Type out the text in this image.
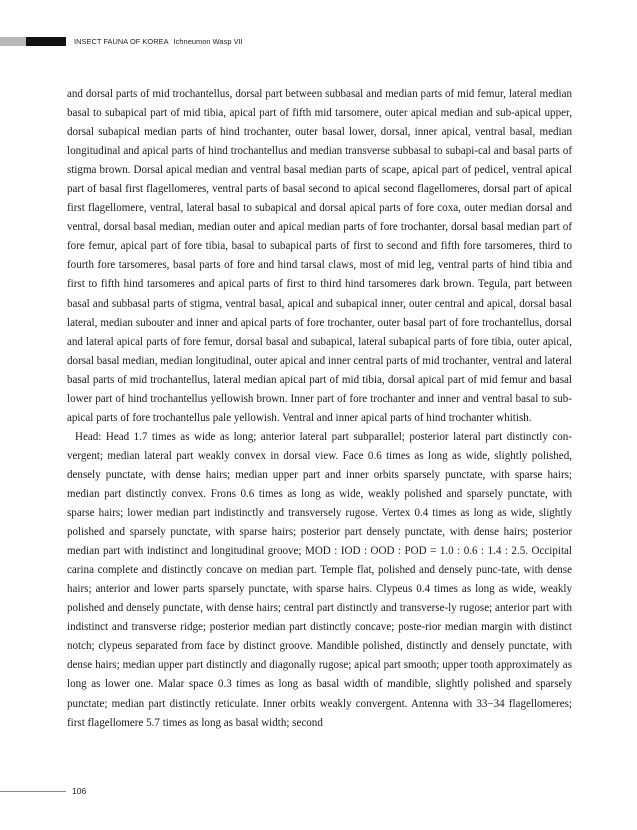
INSECT FAUNA OF KOREA Ichneumon Wasp VII

and dorsal parts of mid trochantellus, dorsal part between subbasal and median parts of mid femur, lateral median basal to subapical part of mid tibia, apical part of fifth mid tarsomere, outer apical median and sub-apical upper, dorsal subapical median parts of hind trochanter, outer basal lower, dorsal, inner apical, ventral basal, median longitudinal and apical parts of hind trochantellus and median transverse subbasal to subapi-cal and basal parts of stigma brown. Dorsal apical median and ventral basal median parts of scape, apical part of pedicel, ventral apical part of basal first flagellomeres, ventral parts of basal second to apical second flagellomeres, dorsal part of apical first flagellomere, ventral, lateral basal to subapical and dorsal apical parts of fore coxa, outer median dorsal and ventral, dorsal basal median, median outer and apical median parts of fore trochanter, dorsal basal median part of fore femur, apical part of fore tibia, basal to subapical parts of first to second and fifth fore tarsomeres, third to fourth fore tarsomeres, basal parts of fore and hind tarsal claws, most of mid leg, ventral parts of hind tibia and first to fifth hind tarsomeres and apical parts of first to third hind tarsomeres dark brown. Tegula, part between basal and subbasal parts of stigma, ventral basal, apical and subapical inner, outer central and apical, dorsal basal lateral, median subouter and inner and apical parts of fore trochanter, outer basal part of fore trochantellus, dorsal and lateral apical parts of fore femur, dorsal basal and subapical, lateral subapical parts of fore tibia, outer apical, dorsal basal median, median longitudinal, outer apical and inner central parts of mid trochanter, ventral and lateral basal parts of mid trochantellus, lateral median apical part of mid tibia, dorsal apical part of mid femur and basal lower part of hind trochantellus yellowish brown. Inner part of fore trochanter and inner and ventral basal to sub-apical parts of fore trochantellus pale yellowish. Ventral and inner apical parts of hind trochanter whitish.

Head: Head 1.7 times as wide as long; anterior lateral part subparallel; posterior lateral part distinctly con-vergent; median lateral part weakly convex in dorsal view. Face 0.6 times as long as wide, slightly polished, densely punctate, with dense hairs; median upper part and inner orbits sparsely punctate, with sparse hairs; median part distinctly convex. Frons 0.6 times as long as wide, weakly polished and sparsely punctate, with sparse hairs; lower median part indistinctly and transversely rugose. Vertex 0.4 times as long as wide, slightly polished and sparsely punctate, with sparse hairs; posterior part densely punctate, with dense hairs; posterior median part with indistinct and longitudinal groove; MOD : IOD : OOD : POD = 1.0 : 0.6 : 1.4 : 2.5. Occipital carina complete and distinctly concave on median part. Temple flat, polished and densely punc-tate, with dense hairs; anterior and lower parts sparsely punctate, with sparse hairs. Clypeus 0.4 times as long as wide, weakly polished and densely punctate, with dense hairs; central part distinctly and transverse-ly rugose; anterior part with indistinct and transverse ridge; posterior median part distinctly concave; poste-rior median margin with distinct notch; clypeus separated from face by distinct groove. Mandible polished, distinctly and densely punctate, with dense hairs; median upper part distinctly and diagonally rugose; apical part smooth; upper tooth approximately as long as lower one. Malar space 0.3 times as long as basal width of mandible, slightly polished and sparsely punctate; median part distinctly reticulate. Inner orbits weakly convergent. Antenna with 33−34 flagellomeres; first flagellomere 5.7 times as long as basal width; second

106
